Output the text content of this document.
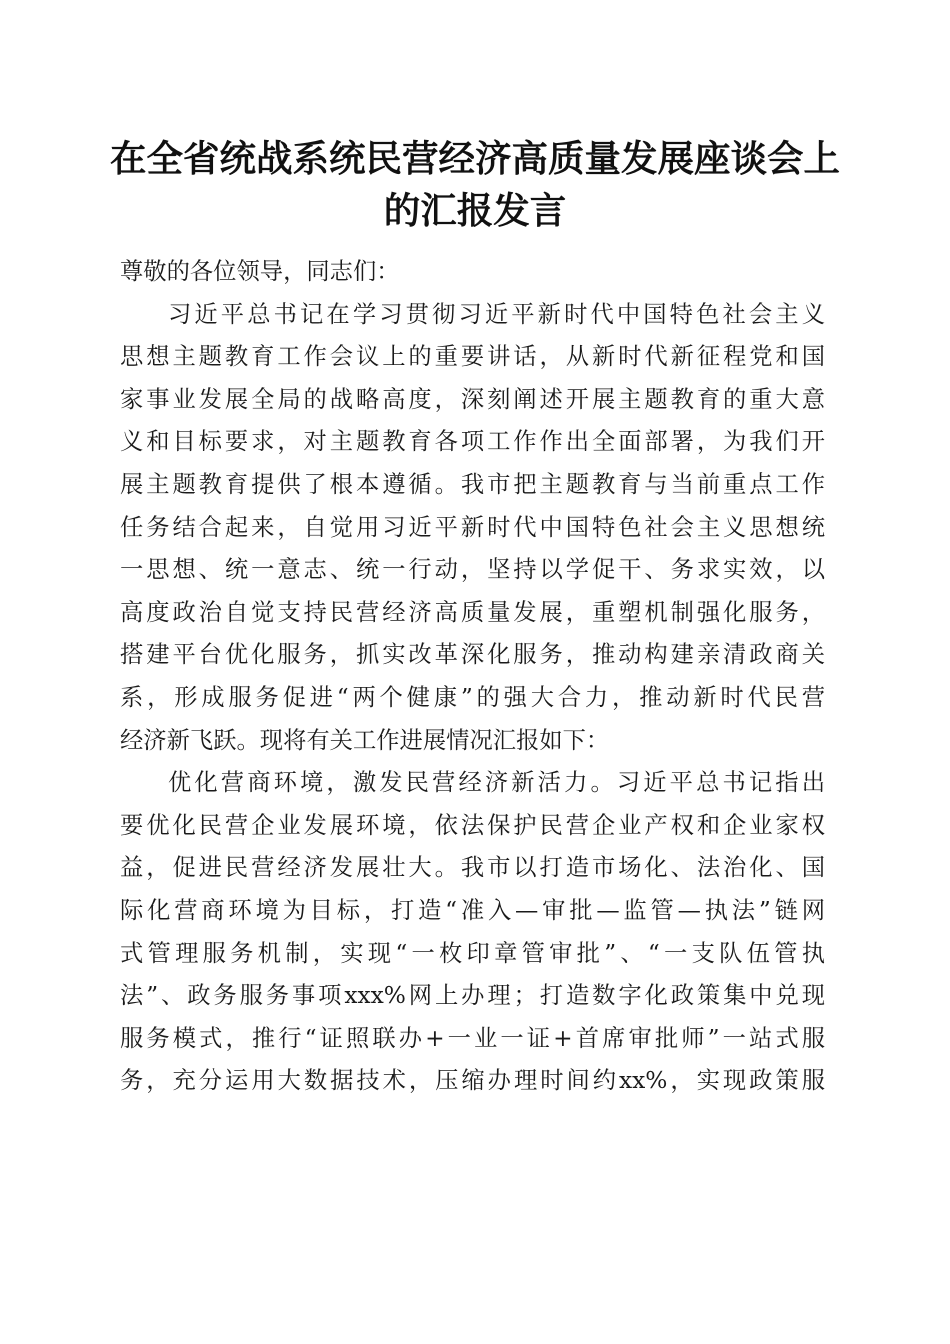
在全省统战系统民营经济高质量发展座谈会上
的汇报发言
尊敬的各位领导，同志们：
习近平总书记在学习贯彻习近平新时代中国特色社会主义
思想主题教育工作会议上的重要讲话，从新时代新征程党和国
家事业发展全局的战略高度，深刻阐述开展主题教育的重大意
义和目标要求，对主题教育各项工作作出全面部署，为我们开
展主题教育提供了根本遵循。我市把主题教育与当前重点工作
任务结合起来，自觉用习近平新时代中国特色社会主义思想统
一思想、统一意志、统一行动，坚持以学促干、务求实效，以
高度政治自觉支持民营经济高质量发展，重塑机制强化服务，
搭建平台优化服务，抓实改革深化服务，推动构建亲清政商关
系，形成服务促进“两个健康”的强大合力，推动新时代民营
经济新飞跃。现将有关工作进展情况汇报如下：
优化营商环境，激发民营经济新活力。习近平总书记指出
要优化民营企业发展环境，依法保护民营企业产权和企业家权
益，促进民营经济发展壮大。我市以打造市场化、法治化、国
际化营商环境为目标，打造“准入—审批—监管—执法”链网
式管理服务机制，实现“一枚印章管审批”、“一支队伍管执
法”、政务服务事项xxx%网上办理；打造数字化政策集中兑现
服务模式，推行“证照联办+一业一证+首席审批师”一站式服
务，充分运用大数据技术，压缩办理时间约xx%，实现政策服
